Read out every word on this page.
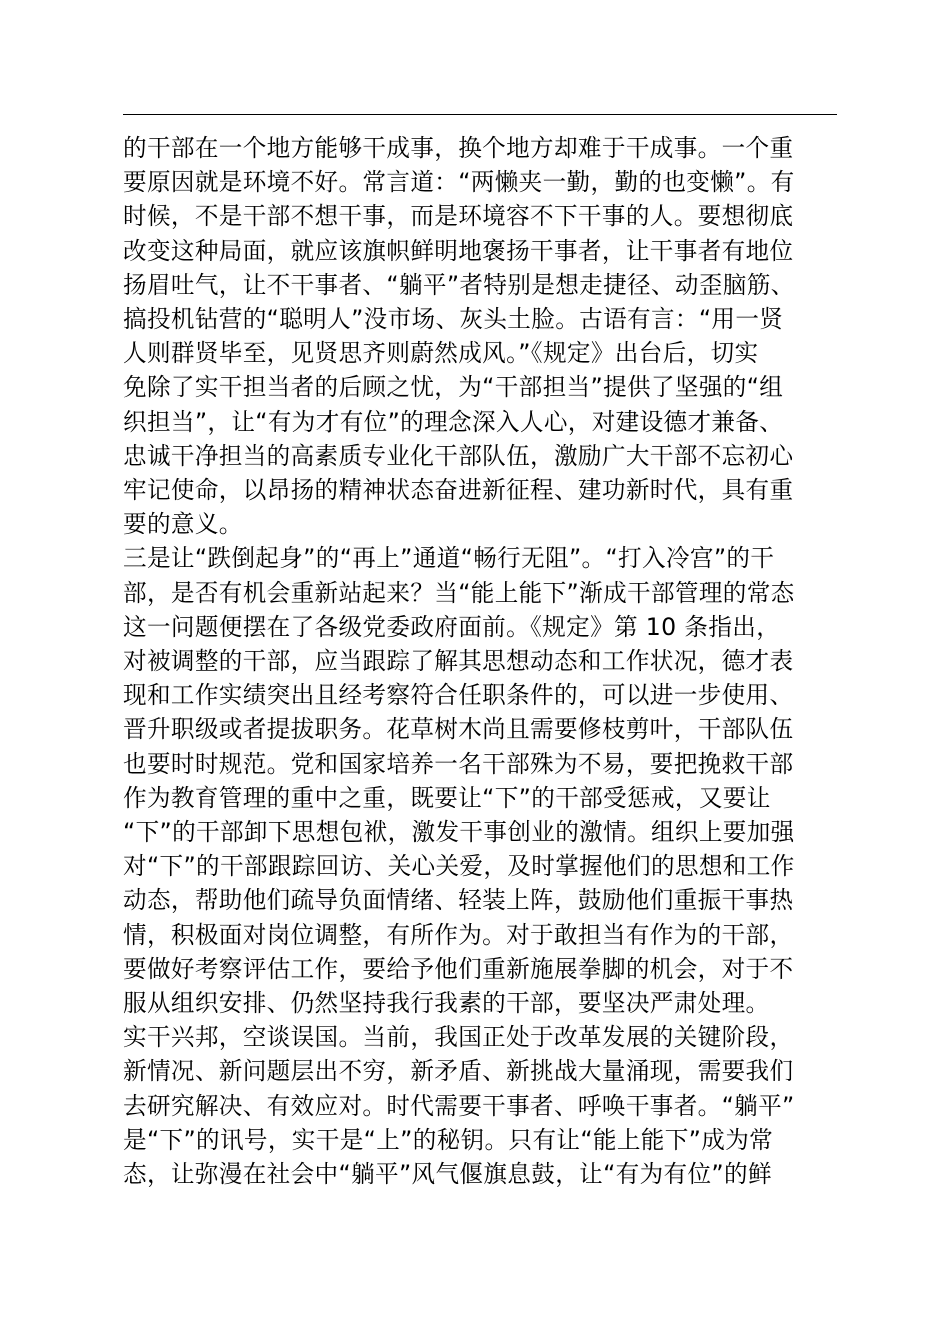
的干部在一个地方能够干成事，换个地方却难于干成事。一个重
要原因就是环境不好。常言道：“两懒夹一勤，勤的也变懒”。有
时候，不是干部不想干事，而是环境容不下干事的人。要想彻底
改变这种局面，就应该旗帜鲜明地褒扬干事者，让干事者有地位
扬眉吐气，让不干事者、“躺平”者特别是想走捷径、动歪脑筋、
搞投机钻营的“聪明人”没市场、灰头土脸。古语有言：“用一贤
人则群贤毕至，见贤思齐则蔚然成风。”《规定》出台后，切实
免除了实干担当者的后顾之忧，为“干部担当”提供了坚强的“组
织担当”，让“有为才有位”的理念深入人心，对建设德才兼备、
忠诚干净担当的高素质专业化干部队伍，激励广大干部不忘初心
牢记使命，以昂扬的精神状态奋进新征程、建功新时代，具有重
要的意义。
三是让“跌倒起身”的“再上”通道“畅行无阻”。“打入冷宫”的干
部，是否有机会重新站起来？当“能上能下”渐成干部管理的常态
这一问题便摆在了各级党委政府面前。《规定》第 10 条指出，
对被调整的干部，应当跟踪了解其思想动态和工作状况，德才表
现和工作实绩突出且经考察符合任职条件的，可以进一步使用、
晋升职级或者提拔职务。花草树木尚且需要修枝剪叶，干部队伍
也要时时规范。党和国家培养一名干部殊为不易，要把挽救干部
作为教育管理的重中之重，既要让“下”的干部受惩戒，又要让
“下”的干部卸下思想包袱，激发干事创业的激情。组织上要加强
对“下”的干部跟踪回访、关心关爱，及时掌握他们的思想和工作
动态，帮助他们疏导负面情绪、轻装上阵，鼓励他们重振干事热
情，积极面对岗位调整，有所作为。对于敢担当有作为的干部，
要做好考察评估工作，要给予他们重新施展拳脚的机会，对于不
服从组织安排、仍然坚持我行我素的干部，要坚决严肃处理。
实干兴邦，空谈误国。当前，我国正处于改革发展的关键阶段，
新情况、新问题层出不穷，新矛盾、新挑战大量涌现，需要我们
去研究解决、有效应对。时代需要干事者、呼唤干事者。“躺平”
是“下”的讯号，实干是“上”的秘钥。只有让“能上能下”成为常
态，让弥漫在社会中“躺平”风气偃旗息鼓，让“有为有位”的鲜
